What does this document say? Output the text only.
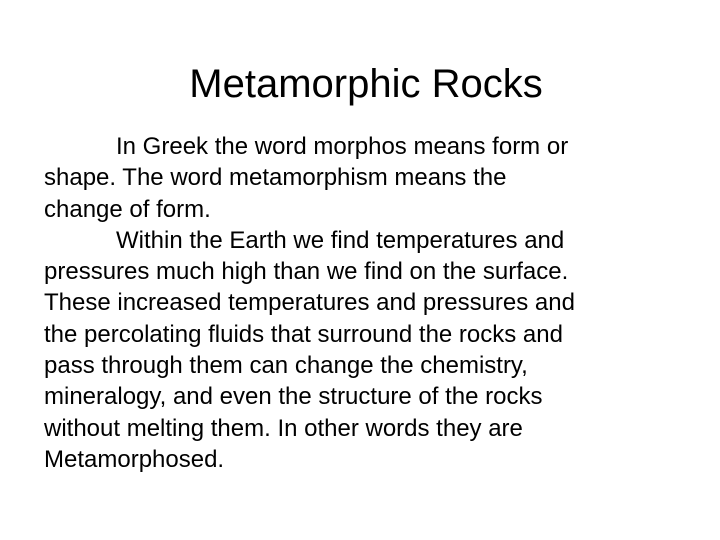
Metamorphic Rocks

In Greek the word morphos means form or
shape. The word metamorphism means the
change of form.

Within the Earth we find temperatures and
pressures much high than we find on the surface.
These increased temperatures and pressures and
the percolating fluids that surround the rocks and
pass through them can change the chemistry,
mineralogy, and even the structure of the rocks
without melting them. In other words they are
Metamorphosed.
